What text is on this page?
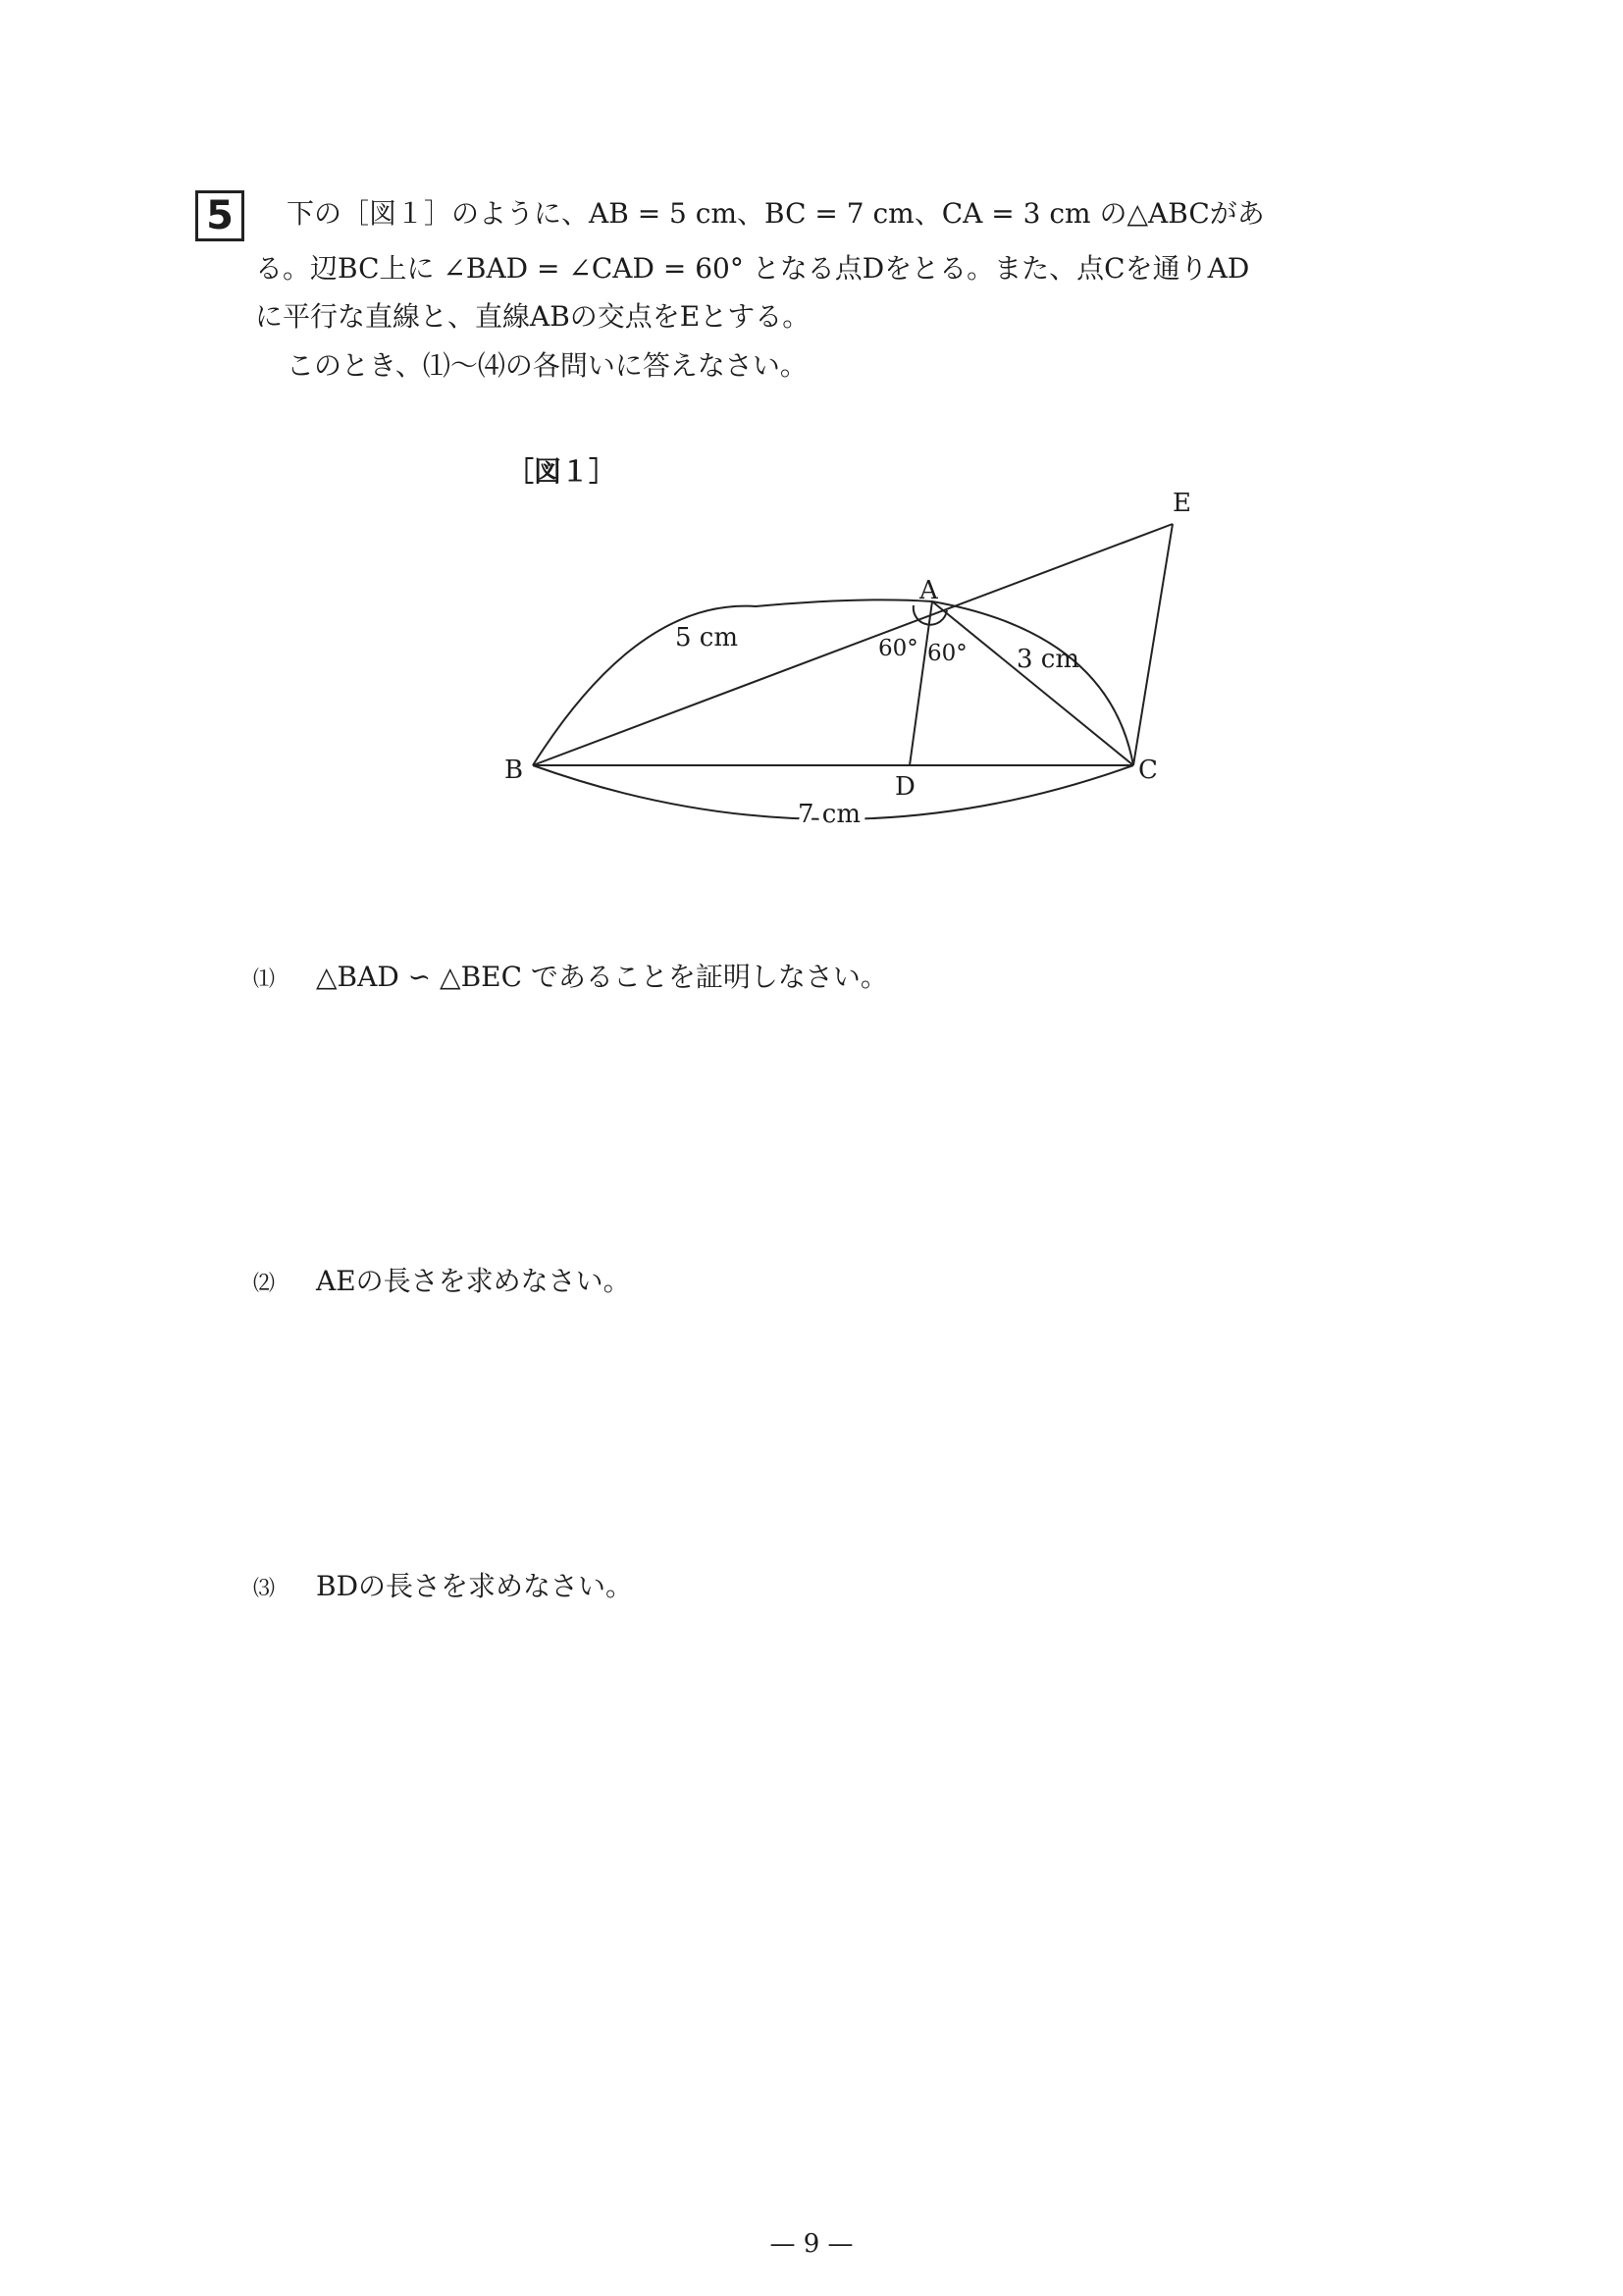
5	下の［図１］のように、AB = 5 cm、BC = 7 cm、CA = 3 cm の△ABCがあ
る。辺BC上に ∠BAD = ∠CAD = 60° となる点Dをとる。また、点Cを通りAD
に平行な直線と、直線ABの交点をEとする。
このとき、⑴〜⑷の各問いに答えなさい。
［図１］
A
B	C
D
E
5 cm
3 cm
7 cm
60° 60°
⑴ △BAD ∽ △BEC であることを証明しなさい。
⑵ AEの長さを求めなさい。
⑶ BDの長さを求めなさい。
— 9 —
